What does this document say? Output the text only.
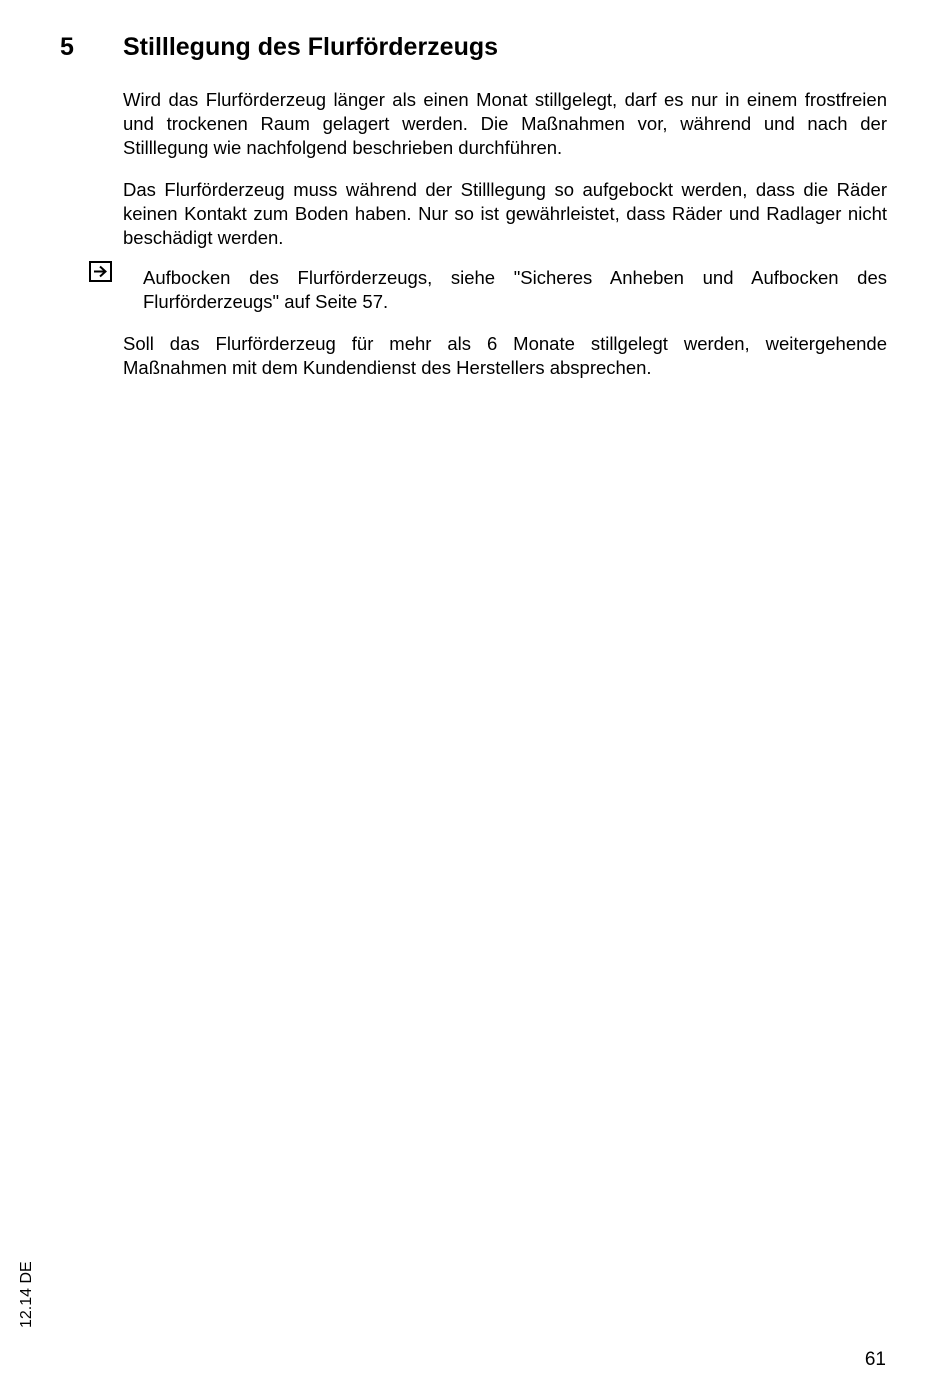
5 Stilllegung des Flurförderzeugs

Wird das Flurförderzeug länger als einen Monat stillgelegt, darf es nur in einem frostfreien und trockenen Raum gelagert werden. Die Maßnahmen vor, während und nach der Stilllegung wie nachfolgend beschrieben durchführen.

Das Flurförderzeug muss während der Stilllegung so aufgebockt werden, dass die Räder keinen Kontakt zum Boden haben. Nur so ist gewährleistet, dass Räder und Radlager nicht beschädigt werden.

Aufbocken des Flurförderzeugs, siehe "Sicheres Anheben und Aufbocken des Flurförderzeugs" auf Seite 57.

Soll das Flurförderzeug für mehr als 6 Monate stillgelegt werden, weitergehende Maßnahmen mit dem Kundendienst des Herstellers absprechen.

12.14 DE
61
